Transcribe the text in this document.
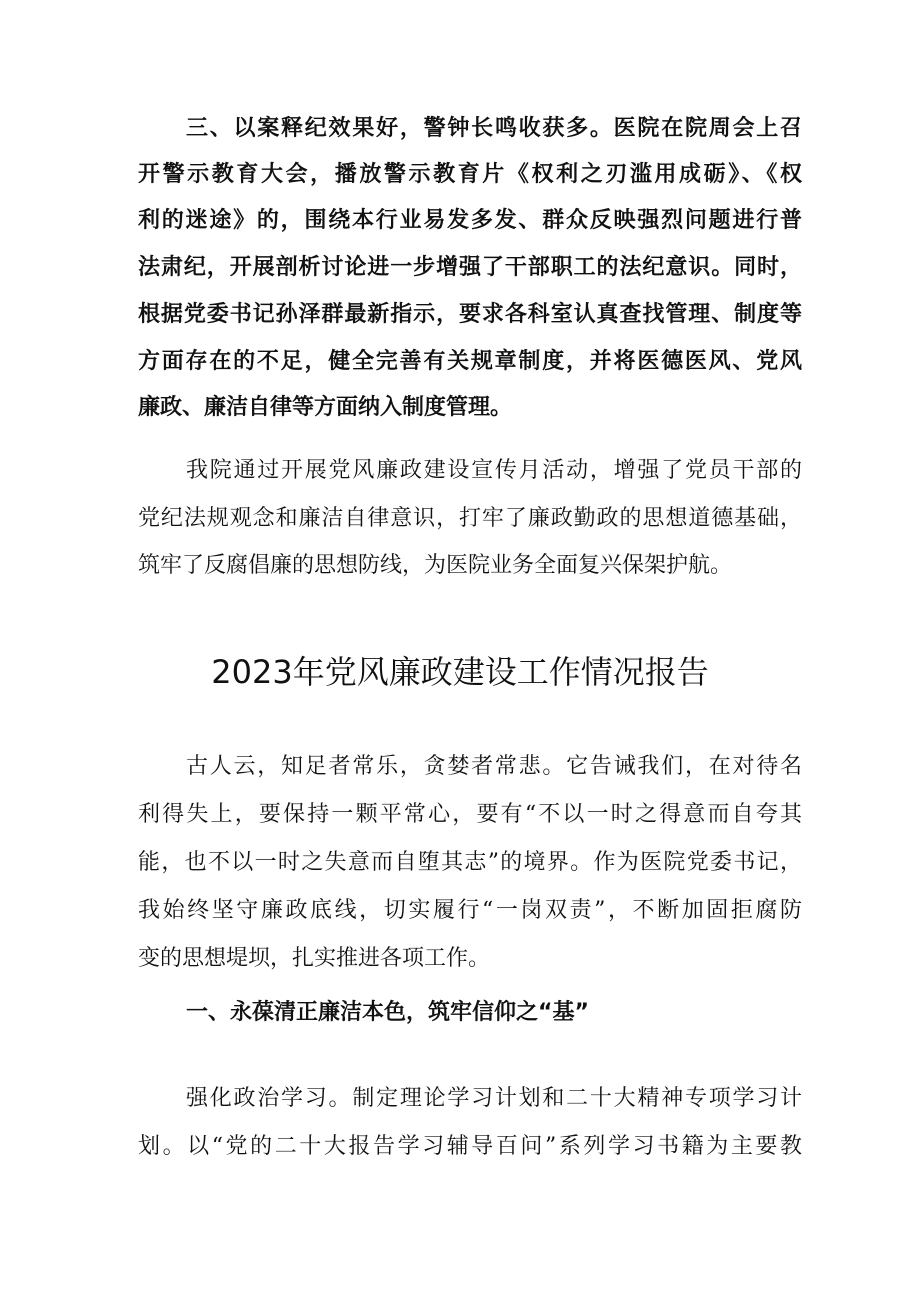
三、以案释纪效果好，警钟长鸣收获多。医院在院周会上召
开警示教育大会，播放警示教育片《权利之刃滥用成砺》、《权
利的迷途》的，围绕本行业易发多发、群众反映强烈问题进行普
法肃纪，开展剖析讨论进一步增强了干部职工的法纪意识。同时，
根据党委书记孙泽群最新指示，要求各科室认真查找管理、制度等
方面存在的不足，健全完善有关规章制度，并将医德医风、党风
廉政、廉洁自律等方面纳入制度管理。
我院通过开展党风廉政建设宣传月活动，增强了党员干部的
党纪法规观念和廉洁自律意识，打牢了廉政勤政的思想道德基础，
筑牢了反腐倡廉的思想防线，为医院业务全面复兴保架护航。
2023年党风廉政建设工作情况报告
古人云，知足者常乐，贪婪者常悲。它告诫我们，在对待名
利得失上，要保持一颗平常心，要有“不以一时之得意而自夸其
能，也不以一时之失意而自堕其志”的境界。作为医院党委书记，
我始终坚守廉政底线，切实履行“一岗双责”，不断加固拒腐防
变的思想堤坝，扎实推进各项工作。
一、永葆清正廉洁本色，筑牢信仰之“基”
强化政治学习。制定理论学习计划和二十大精神专项学习计
划。以“党的二十大报告学习辅导百问”系列学习书籍为主要教
